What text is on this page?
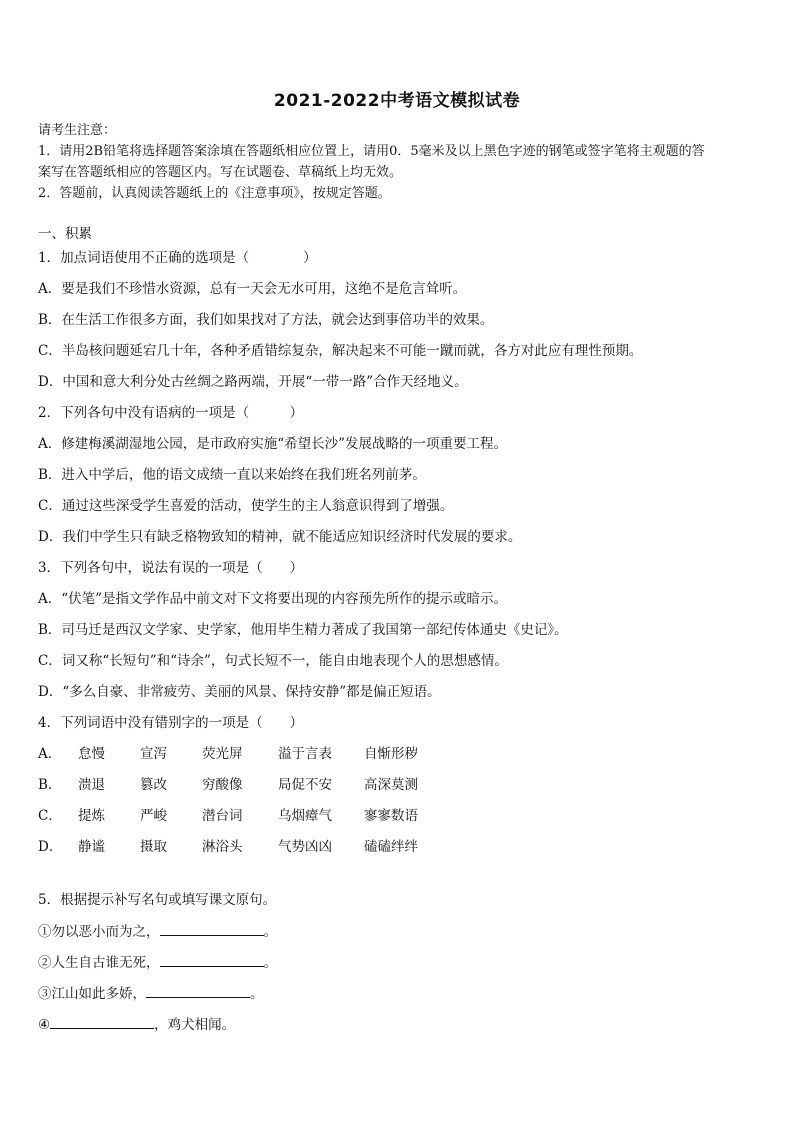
2021-2022中考语文模拟试卷
请考生注意：
1．请用2B铅笔将选择题答案涂填在答题纸相应位置上，请用0．5毫米及以上黑色字迹的钢笔或签字笔将主观题的答
案写在答题纸相应的答题区内。写在试题卷、草稿纸上均无效。
2．答题前，认真阅读答题纸上的《注意事项》，按规定答题。
一、积累
1．加点词语使用不正确的选项是（　　　　）
A．要是我们不珍惜水资源，总有一天会无水可用，这绝不是危言耸听。
B．在生活工作很多方面，我们如果找对了方法，就会达到事倍功半的效果。
C．半岛核问题延宕几十年，各种矛盾错综复杂，解决起来不可能一蹴而就，各方对此应有理性预期。
D．中国和意大利分处古丝绸之路两端，开展“一带一路”合作天经地义。
2．下列各句中没有语病的一项是（　　　）
A．修建梅溪湖湿地公园，是市政府实施“希望长沙”发展战略的一项重要工程。
B．进入中学后，他的语文成绩一直以来始终在我们班名列前茅。
C．通过这些深受学生喜爱的活动，使学生的主人翁意识得到了增强。
D．我们中学生只有缺乏格物致知的精神，就不能适应知识经济时代发展的要求。
3．下列各句中，说法有误的一项是（　　）
A．“伏笔”是指文学作品中前文对下文将要出现的内容预先所作的提示或暗示。
B．司马迁是西汉文学家、史学家，他用毕生精力著成了我国第一部纪传体通史《史记》。
C．词又称“长短句”和“诗余”，句式长短不一，能自由地表现个人的思想感情。
D．“多么自豪、非常疲劳、美丽的风景、保持安静”都是偏正短语。
4．下列词语中没有错别字的一项是（　　）
A．	怠慢	宣泻	荧光屏	溢于言表	自惭形秽
B．	溃退	篡改	穷酸像	局促不安	高深莫测
C．	提炼	严峻	潜台词	乌烟瘴气	寥寥数语
D．	静谧	摄取	淋浴头	气势凶凶	磕磕绊绊
5．根据提示补写名句或填写课文原句。
①勿以恶小而为之，	。
②人生自古谁无死，	。
③江山如此多娇，	。
④	，鸡犬相闻。
